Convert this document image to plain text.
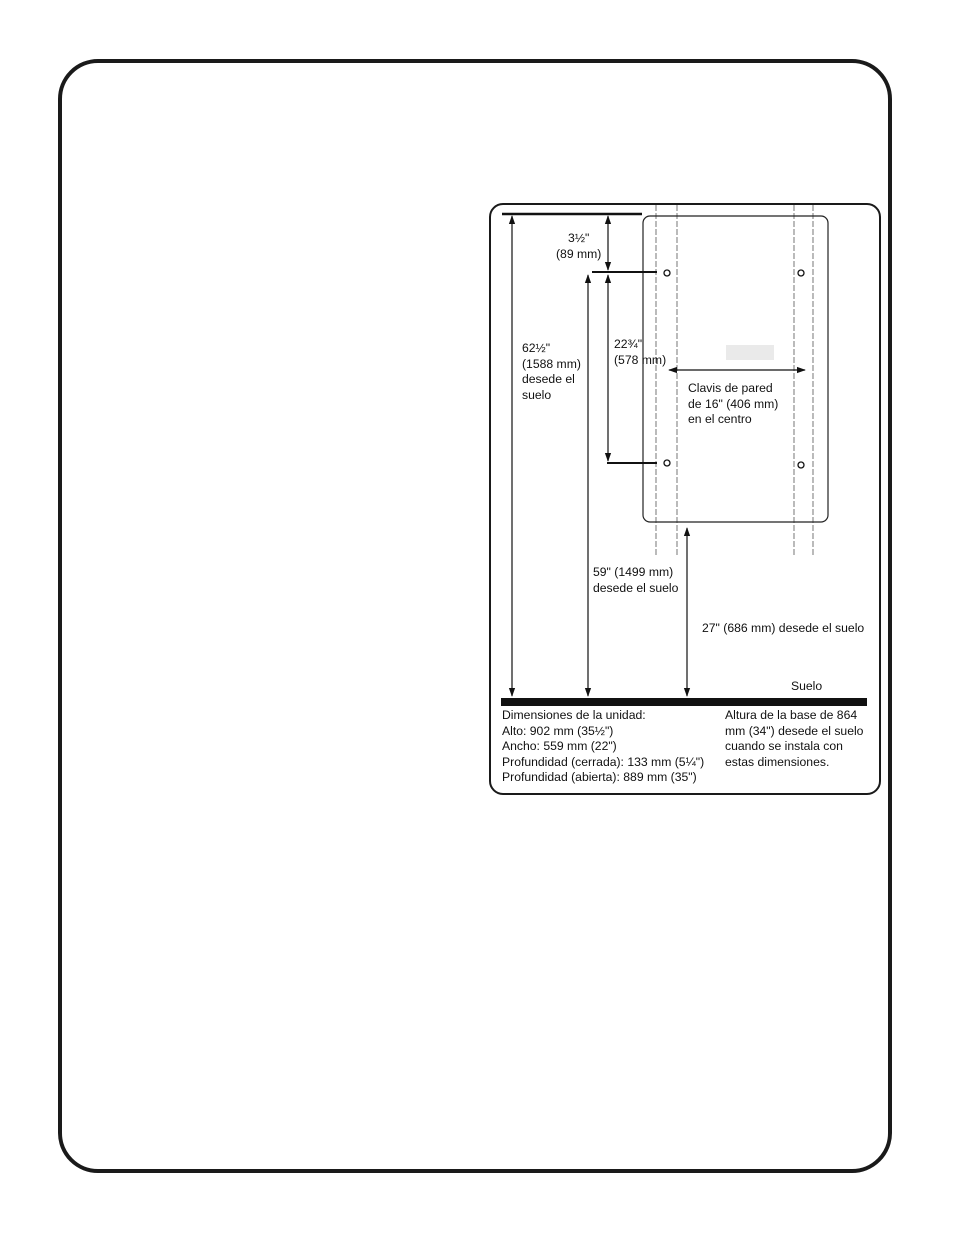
3½"
(89 mm)
62½"
(1588 mm)
desede el
suelo
22¾"
(578 mm)
Clavis de pared
de 16" (406 mm)
en el centro
59" (1499 mm)
desede el suelo
27" (686 mm) desede el suelo
Suelo
Dimensiones de la unidad:
Alto: 902 mm (35½")
Ancho: 559 mm (22")
Profundidad (cerrada): 133 mm (5¼")
Profundidad (abierta): 889 mm (35")
Altura de la base de 864
mm (34") desede el suelo
cuando se instala con
estas dimensiones.
